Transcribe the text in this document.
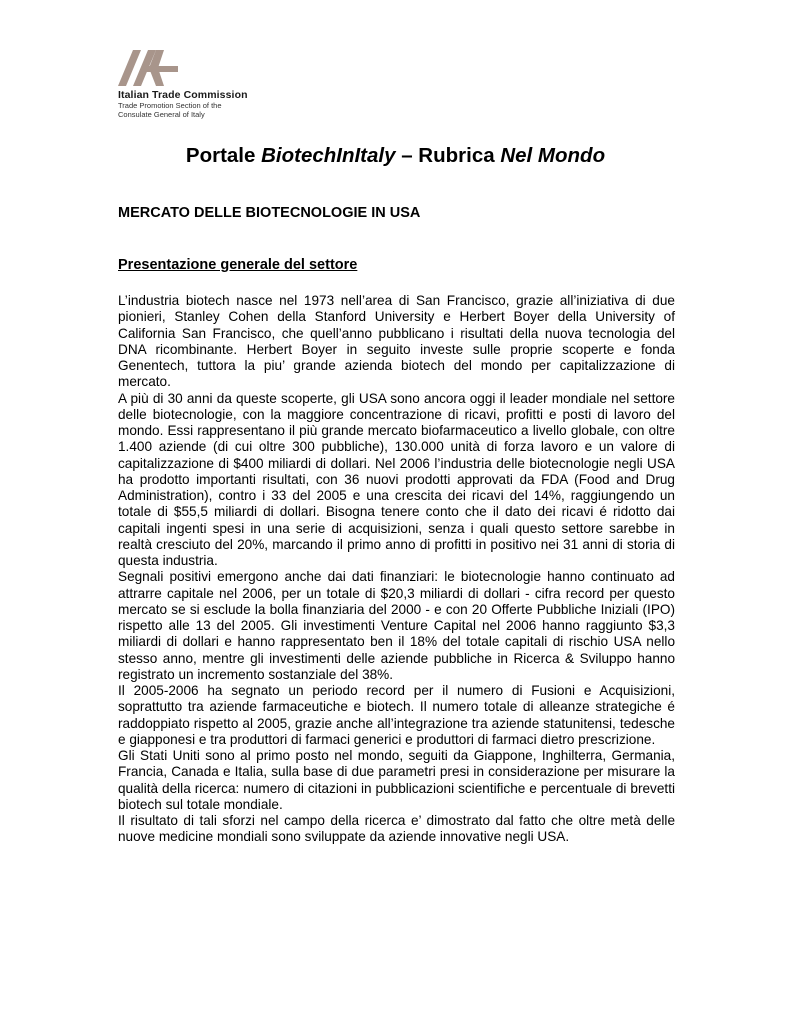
Italian Trade Commission
Trade Promotion Section of the
Consulate General of Italy
Portale BiotechInItaly – Rubrica Nel Mondo
MERCATO DELLE BIOTECNOLOGIE IN USA
Presentazione generale del settore

L’industria biotech nasce nel 1973 nell’area di San Francisco, grazie all’iniziativa di due pionieri, Stanley Cohen della Stanford University e Herbert Boyer della University of California San Francisco, che quell’anno pubblicano i risultati della nuova tecnologia del DNA ricombinante. Herbert Boyer in seguito investe sulle proprie scoperte e fonda Genentech, tuttora la piu’ grande azienda biotech del mondo per capitalizzazione di mercato.

A più di 30 anni da queste scoperte, gli USA sono ancora oggi il leader mondiale nel settore delle biotecnologie, con la maggiore concentrazione di ricavi, profitti e posti di lavoro del mondo. Essi rappresentano il più grande mercato biofarmaceutico a livello globale, con oltre 1.400 aziende (di cui oltre 300 pubbliche), 130.000 unità di forza lavoro e un valore di capitalizzazione di $400 miliardi di dollari. Nel 2006 l’industria delle biotecnologie negli USA ha prodotto importanti risultati, con 36 nuovi prodotti approvati da FDA (Food and Drug Administration), contro i 33 del 2005 e una crescita dei ricavi del 14%, raggiungendo un totale di $55,5 miliardi di dollari. Bisogna tenere conto che il dato dei ricavi é ridotto dai capitali ingenti spesi in una serie di acquisizioni, senza i quali questo settore sarebbe in realtà cresciuto del 20%, marcando il primo anno di profitti in positivo nei 31 anni di storia di questa industria.

Segnali positivi emergono anche dai dati finanziari: le biotecnologie hanno continuato ad attrarre capitale nel 2006, per un totale di $20,3 miliardi di dollari - cifra record per questo mercato se si esclude la bolla finanziaria del 2000 - e con 20 Offerte Pubbliche Iniziali (IPO) rispetto alle 13 del 2005. Gli investimenti Venture Capital nel 2006 hanno raggiunto $3,3 miliardi di dollari e hanno rappresentato ben il 18% del totale capitali di rischio USA nello stesso anno, mentre gli investimenti delle aziende pubbliche in Ricerca & Sviluppo hanno registrato un incremento sostanziale del 38%.

Il 2005-2006 ha segnato un periodo record per il numero di Fusioni e Acquisizioni, soprattutto tra aziende farmaceutiche e biotech. Il numero totale di alleanze strategiche é raddoppiato rispetto al 2005, grazie anche all’integrazione tra aziende statunitensi, tedesche e giapponesi e tra produttori di farmaci generici e produttori di farmaci dietro prescrizione.

Gli Stati Uniti sono al primo posto nel mondo, seguiti da Giappone, Inghilterra, Germania, Francia, Canada e Italia, sulla base di due parametri presi in considerazione per misurare la qualità della ricerca: numero di citazioni in pubblicazioni scientifiche e percentuale di brevetti biotech sul totale mondiale.

Il risultato di tali sforzi nel campo della ricerca e’ dimostrato dal fatto che oltre metà delle nuove medicine mondiali sono sviluppate da aziende innovative negli USA.
